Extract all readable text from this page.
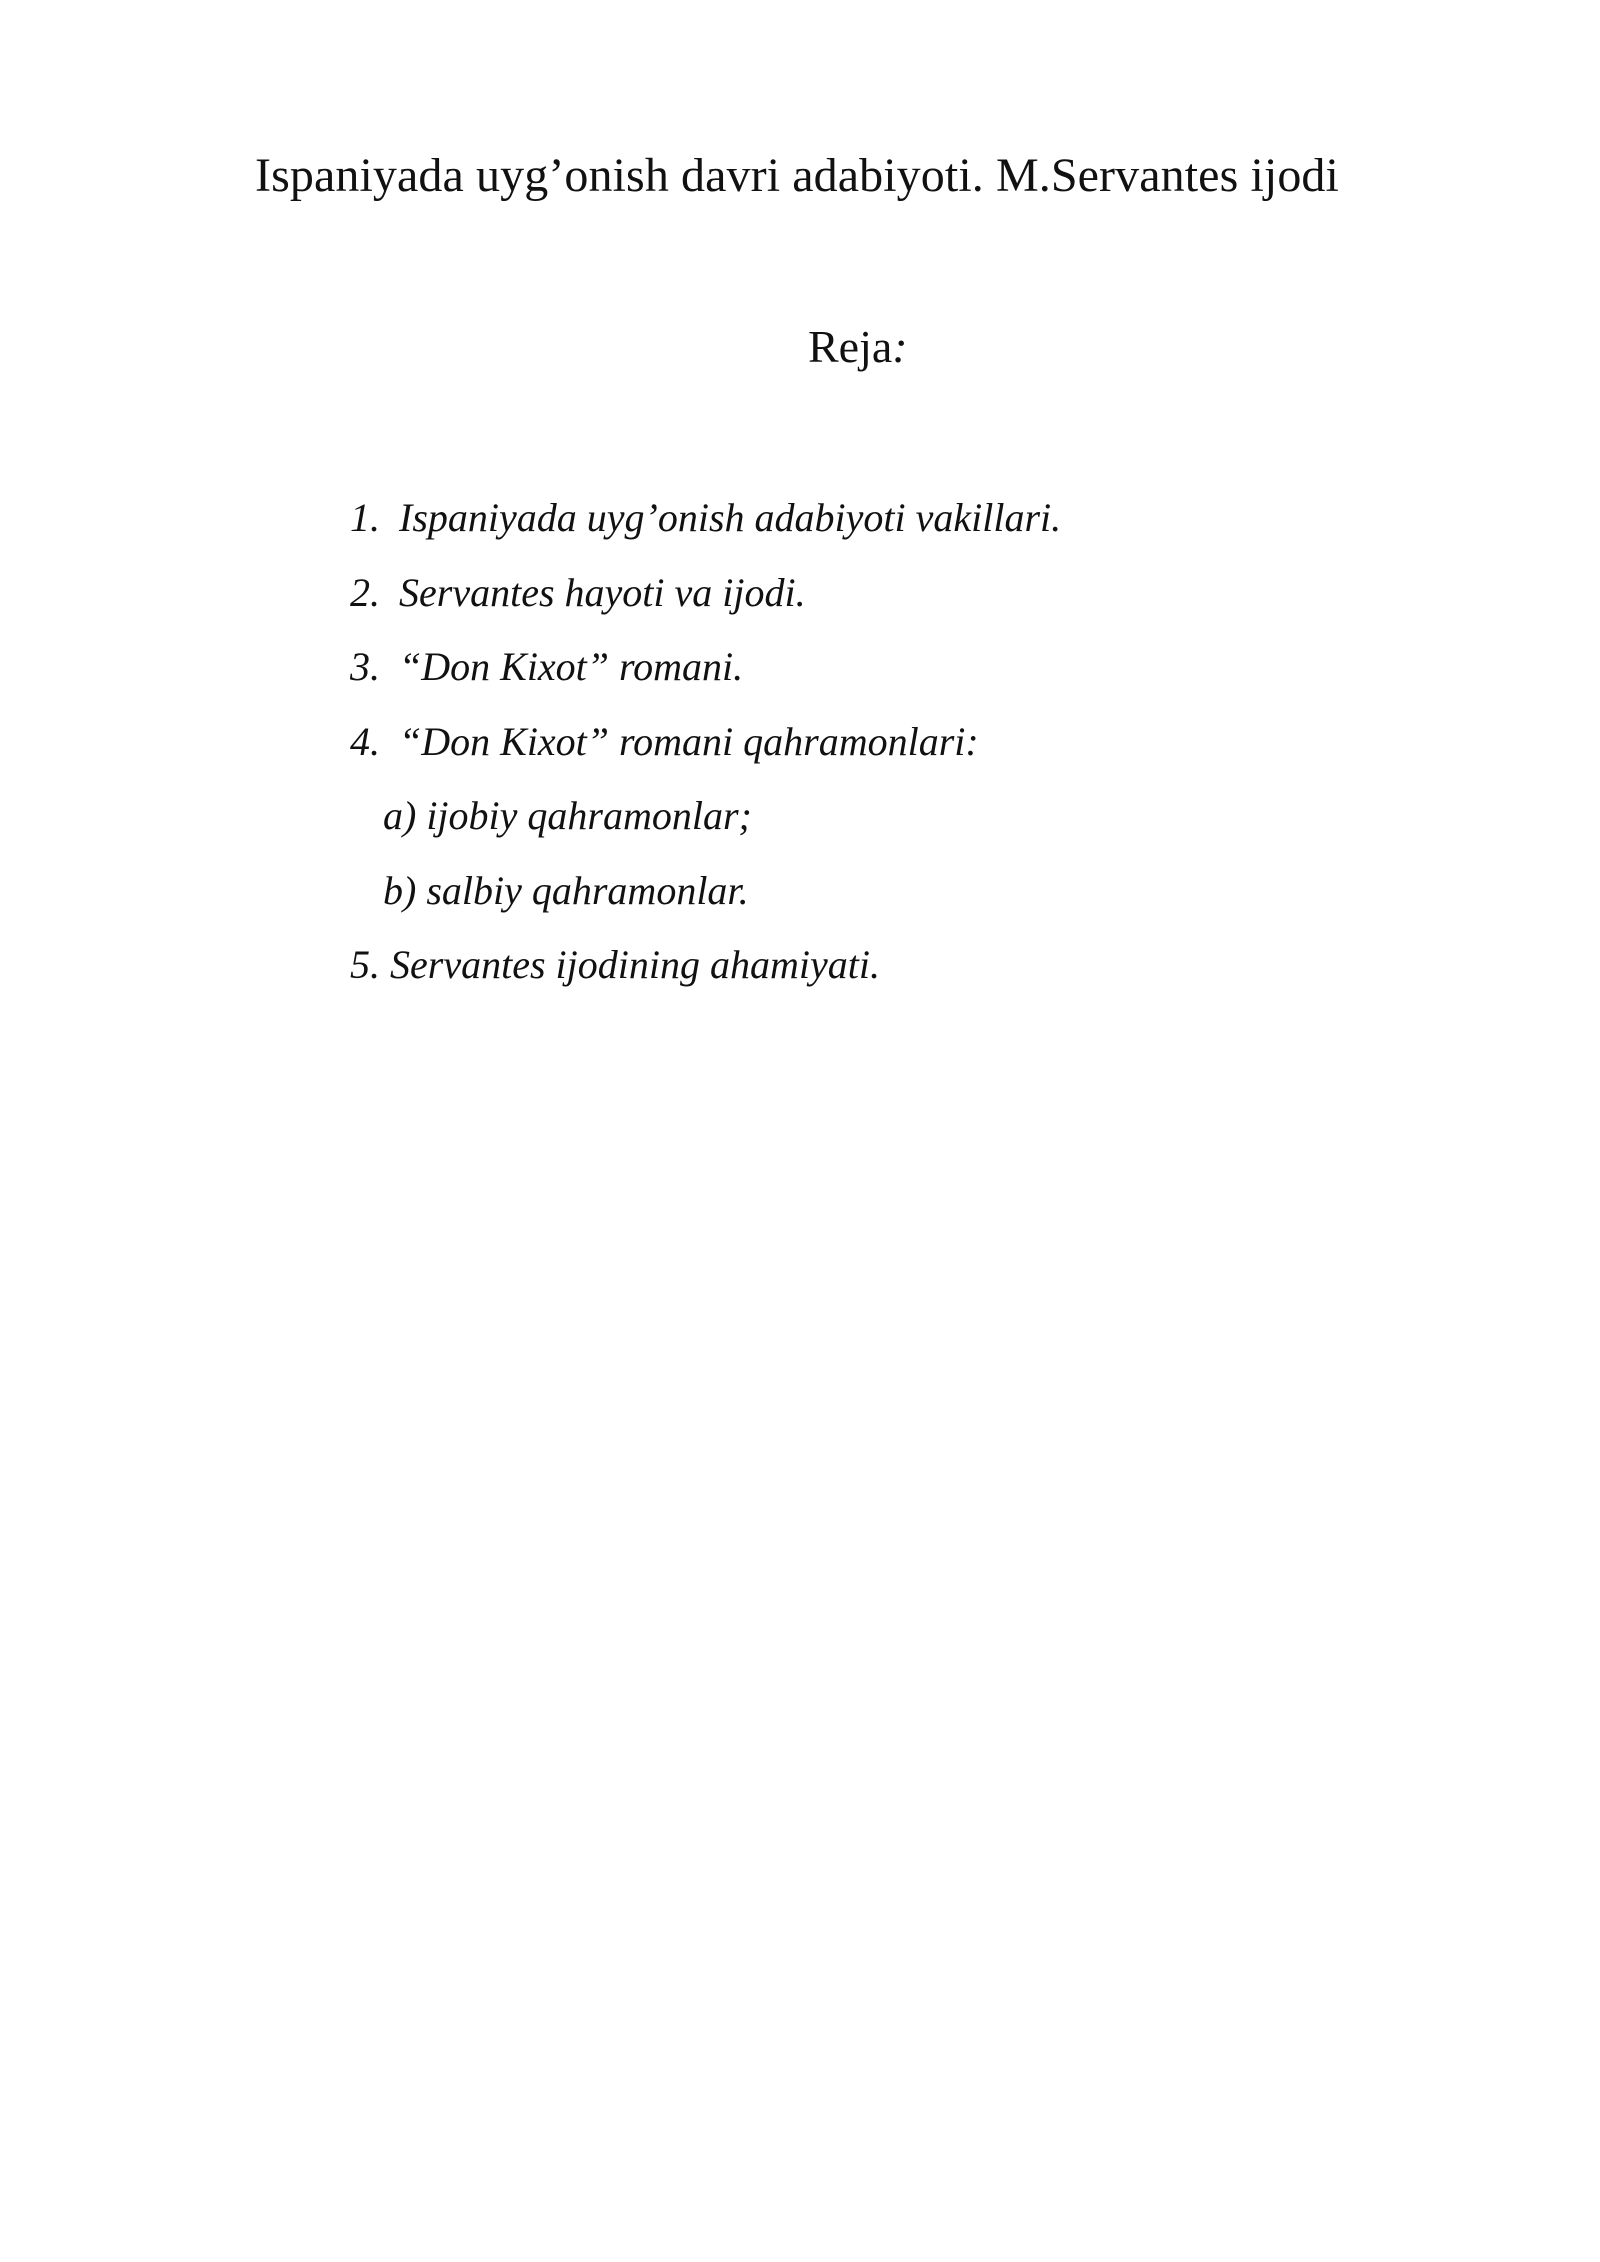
Ispaniyada uyg’onish davri adabiyoti. M.Servantes ijodi
Reja:
1. Ispaniyada uyg’onish adabiyoti vakillari.
2. Servantes hayoti va ijodi.
3. “Don Kixot” romani.
4. “Don Kixot” romani qahramonlari:
a) ijobiy qahramonlar;
b) salbiy qahramonlar.
5. Servantes ijodining ahamiyati.
